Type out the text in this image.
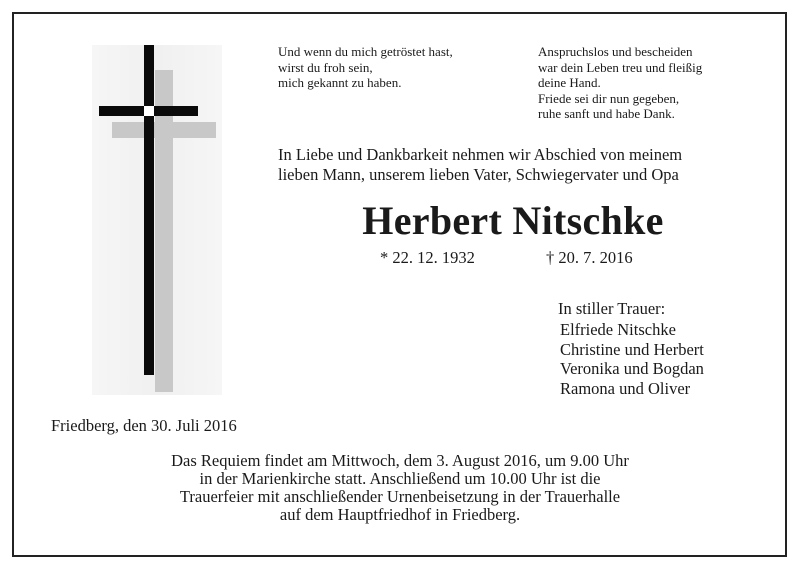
Und wenn du mich getröstet hast,
wirst du froh sein,
mich gekannt zu haben.
Anspruchslos und bescheiden
war dein Leben treu und fleißig
deine Hand.
Friede sei dir nun gegeben,
ruhe sanft und habe Dank.
In Liebe und Dankbarkeit nehmen wir Abschied von meinem
lieben Mann, unserem lieben Vater, Schwiegervater und Opa
Herbert Nitschke
* 22. 12. 1932	† 20. 7. 2016
In stiller Trauer:
Elfriede Nitschke
Christine und Herbert
Veronika und Bogdan
Ramona und Oliver
Friedberg, den 30. Juli 2016
Das Requiem findet am Mittwoch, dem 3. August 2016, um 9.00 Uhr
in der Marienkirche statt. Anschließend um 10.00 Uhr ist die
Trauerfeier mit anschließender Urnenbeisetzung in der Trauerhalle
auf dem Hauptfriedhof in Friedberg.
